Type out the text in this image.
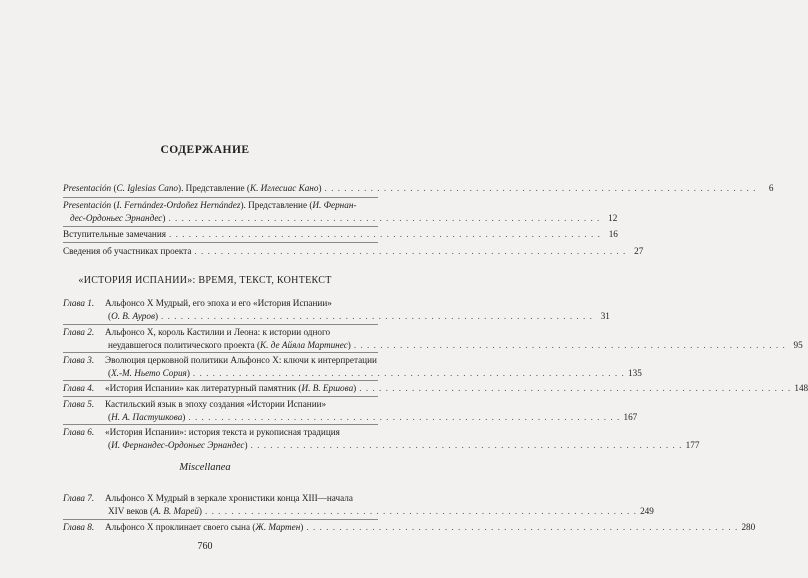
СОДЕРЖАНИЕ
Presentación (C. Iglesias Cano). Представление (К. Иглесиас Кано) . . .	6
Presentación (I. Fernández-Ordoñez Hernández). Представление (И. Фернан-
дес-Ордоньес Эрнандес) . . .	12
Вступительные замечания . . .	16
Сведения об участниках проекта . . .	27
«ИСТОРИЯ ИСПАНИИ»: ВРЕМЯ, ТЕКСТ, КОНТЕКСТ
Глава 1. Альфонсо Х Мудрый, его эпоха и его «История Испании»
(О. В. Ауров) . . .	31
Глава 2. Альфонсо Х, король Кастилии и Леона: к истории одного
неудавшегося политического проекта (К. де Айяла Мартинес) . . .	95
Глава 3. Эволюция церковной политики Альфонсо Х: ключи к интерпретации
(Х.-М. Ньето Сория) . . .	135
Глава 4. «История Испании» как литературный памятник (И. В. Ершова) . . .	148
Глава 5. Кастильский язык в эпоху создания «Истории Испании»
(Н. А. Пастушкова) . . .	167
Глава 6. «История Испании»: история текста и рукописная традиция
(И. Фернандес-Ордоньес Эрнандес) . . .	177
Miscellanea
Глава 7. Альфонсо Х Мудрый в зеркале хронистики конца XIII—начала
XIV веков (А. В. Марей) . . .	249
Глава 8. Альфонсо Х проклинает своего сына (Ж. Мартен) . . .	280
760
